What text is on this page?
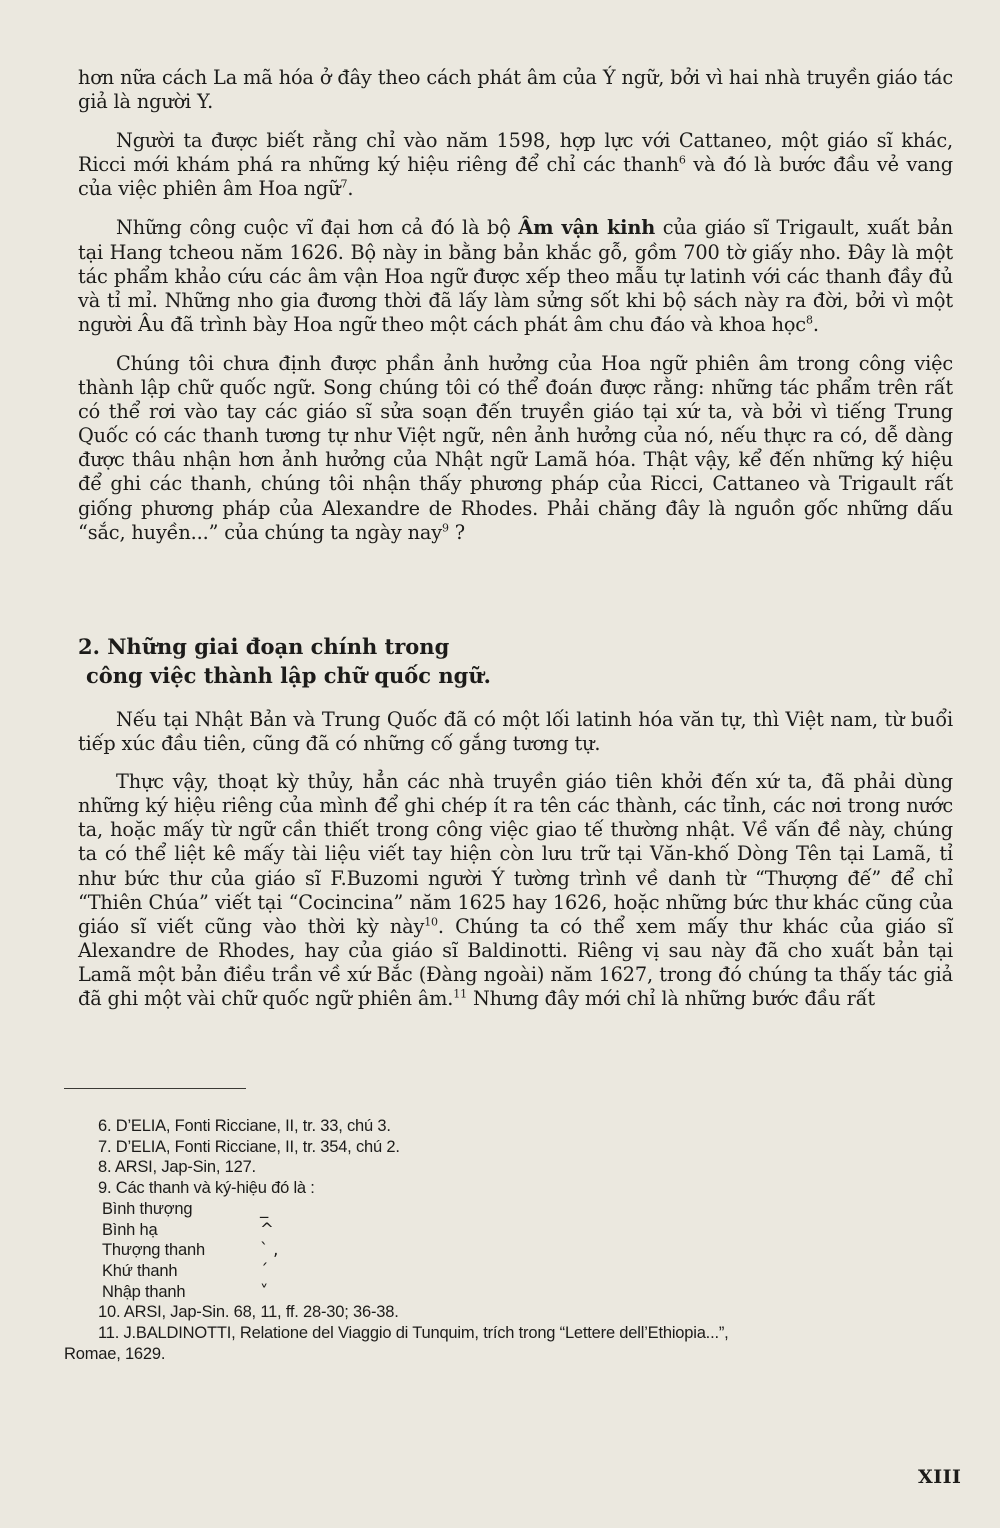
hơn nữa cách La mã hóa ở đây theo cách phát âm của Ý ngữ, bởi vì hai nhà truyền giáo tác giả là người Y.

Người ta được biết rằng chỉ vào năm 1598, hợp lực với Cattaneo, một giáo sĩ khác, Ricci mới khám phá ra những ký hiệu riêng để chỉ các thanh$^6$ và đó là bước đầu vẻ vang của việc phiên âm Hoa ngữ$^7$.

Những công cuộc vĩ đại hơn cả đó là bộ Âm vận kinh của giáo sĩ Trigault, xuất bản tại Hang tcheou năm 1626. Bộ này in bằng bản khắc gỗ, gồm 700 tờ giấy nho. Đây là một tác phẩm khảo cứu các âm vận Hoa ngữ được xếp theo mẫu tự latinh với các thanh đầy đủ và tỉ mỉ. Những nho gia đương thời đã lấy làm sửng sốt khi bộ sách này ra đời, bởi vì một người Âu đã trình bày Hoa ngữ theo một cách phát âm chu đáo và khoa học$^8$.

Chúng tôi chưa định được phần ảnh hưởng của Hoa ngữ phiên âm trong công việc thành lập chữ quốc ngữ. Song chúng tôi có thể đoán được rằng: những tác phẩm trên rất có thể rơi vào tay các giáo sĩ sửa soạn đến truyền giáo tại xứ ta, và bởi vì tiếng Trung Quốc có các thanh tương tự như Việt ngữ, nên ảnh hưởng của nó, nếu thực ra có, dễ dàng được thâu nhận hơn ảnh hưởng của Nhật ngữ Lamã hóa. Thật vậy, kể đến những ký hiệu để ghi các thanh, chúng tôi nhận thấy phương pháp của Ricci, Cattaneo và Trigault rất giống phương pháp của Alexandre de Rhodes. Phải chăng đây là nguồn gốc những dấu “sắc, huyền...” của chúng ta ngày nay$^9$ ?

2. Những giai đoạn chính trong
công việc thành lập chữ quốc ngữ.

Nếu tại Nhật Bản và Trung Quốc đã có một lối latinh hóa văn tự, thì Việt nam, từ buổi tiếp xúc đầu tiên, cũng đã có những cố gắng tương tự.

Thực vậy, thoạt kỳ thủy, hẳn các nhà truyền giáo tiên khởi đến xứ ta, đã phải dùng những ký hiệu riêng của mình để ghi chép ít ra tên các thành, các tỉnh, các nơi trong nước ta, hoặc mấy từ ngữ cần thiết trong công việc giao tế thường nhật. Về vấn đề này, chúng ta có thể liệt kê mấy tài liệu viết tay hiện còn lưu trữ tại Văn-khố Dòng Tên tại Lamã, tỉ như bức thư của giáo sĩ F.Buzomi người Ý tường trình về danh từ “Thượng đế” để chỉ “Thiên Chúa” viết tại “Cocincina” năm 1625 hay 1626, hoặc những bức thư khác cũng của giáo sĩ viết cũng vào thời kỳ này$^{10}$. Chúng ta có thể xem mấy thư khác của giáo sĩ Alexandre de Rhodes, hay của giáo sĩ Baldinotti. Riêng vị sau này đã cho xuất bản tại Lamã một bản điều trần về xứ Bắc (Đàng ngoài) năm 1627, trong đó chúng ta thấy tác giả đã ghi một vài chữ quốc ngữ phiên âm.$^{11}$ Nhưng đây mới chỉ là những bước đầu rất

6. D’ELIA, Fonti Ricciane, II, tr. 33, chú 3.
7. D’ELIA, Fonti Ricciane, II, tr. 354, chú 2.
8. ARSI, Jap-Sin, 127.
9. Các thanh và ký-hiệu đó là :
Bình thượng	_
Bình hạ	^
Thượng thanh	ˋ ,
Khứ thanh	ˊ
Nhập thanh	˅
10. ARSI, Jap-Sin. 68, 11, ff. 28-30; 36-38.
11. J.BALDINOTTI, Relatione del Viaggio di Tunquim, trích trong “Lettere dell’Ethiopia...”,
Romae, 1629.
XIII
